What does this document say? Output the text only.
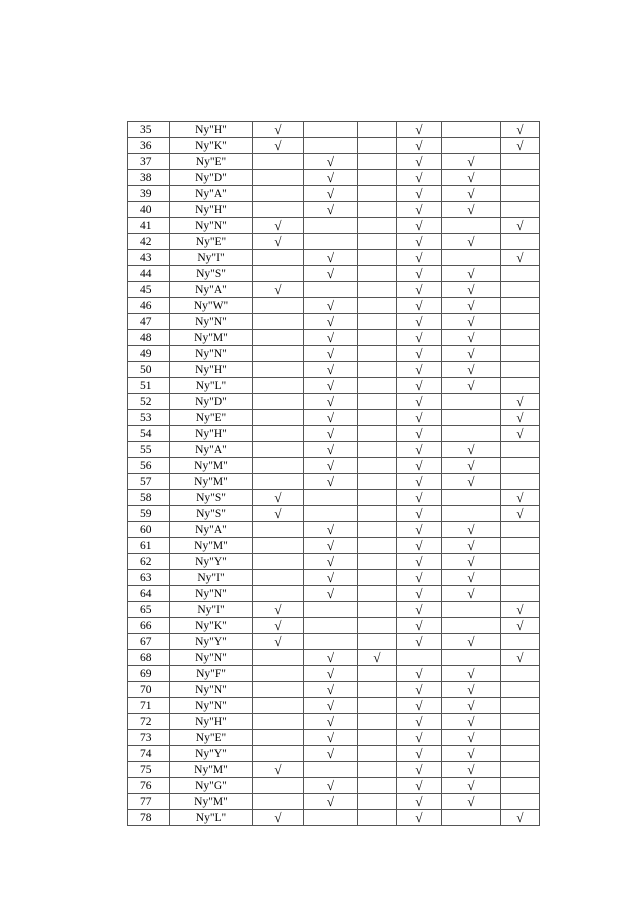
35	Ny"H"	√			√		√
36	Ny"K"	√			√		√
37	Ny"E"		√		√	√	
38	Ny"D"		√		√	√	
39	Ny"A"		√		√	√	
40	Ny"H"		√		√	√	
41	Ny"N"	√			√		√
42	Ny"E"	√			√	√	
43	Ny"I"		√		√		√
44	Ny"S"		√		√	√	
45	Ny"A"	√			√	√	
46	Ny"W"		√		√	√	
47	Ny"N"		√		√	√	
48	Ny"M"		√		√	√	
49	Ny"N"		√		√	√	
50	Ny"H"		√		√	√	
51	Ny"L"		√		√	√	
52	Ny"D"		√		√		√
53	Ny"E"		√		√		√
54	Ny"H"		√		√		√
55	Ny"A"		√		√	√	
56	Ny"M"		√		√	√	
57	Ny"M"		√		√	√	
58	Ny"S"	√			√		√
59	Ny"S"	√			√		√
60	Ny"A"		√		√	√	
61	Ny"M"		√		√	√	
62	Ny"Y"		√		√	√	
63	Ny"I"		√		√	√	
64	Ny"N"		√		√	√	
65	Ny"I"	√			√		√
66	Ny"K"	√			√		√
67	Ny"Y"	√			√	√	
68	Ny"N"		√	√			√
69	Ny"F"		√		√	√	
70	Ny"N"		√		√	√	
71	Ny"N"		√		√	√	
72	Ny"H"		√		√	√	
73	Ny"E"		√		√	√	
74	Ny"Y"		√		√	√	
75	Ny"M"	√			√	√	
76	Ny"G"		√		√	√	
77	Ny"M"		√		√	√	
78	Ny"L"	√			√		√
